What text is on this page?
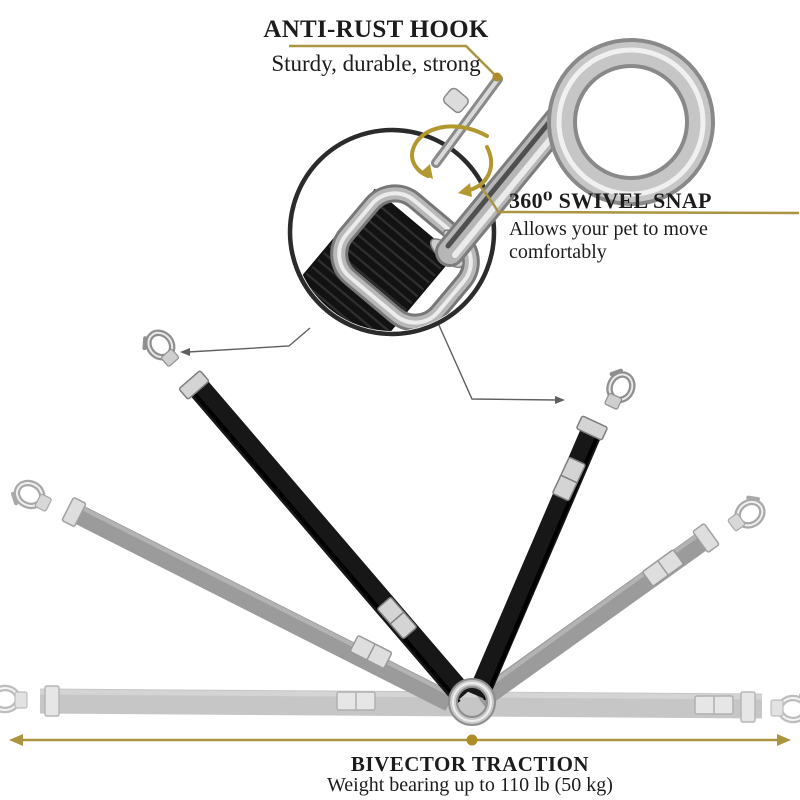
ANTI-RUST HOOK
Sturdy, durable, strong
360⁰ SWIVEL SNAP
Allows your pet to move comfortably
BIVECTOR TRACTION
Weight bearing up to 110 lb (50 kg)
